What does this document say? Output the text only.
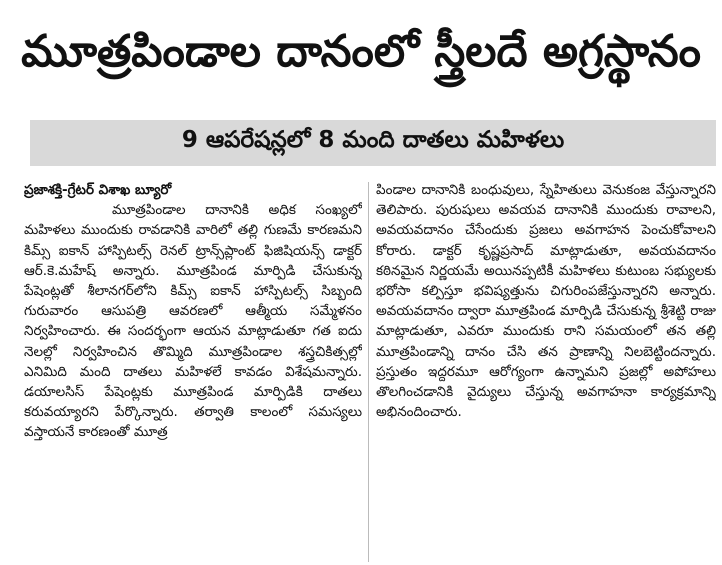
మూత్రపిండాల దానంలో స్త్రీలదే అగ్రస్థానం
9 ఆపరేషన్లలో 8 మంది దాతలు మహిళలు

ప్రజాశక్తి-గ్రేటర్ విశాఖ బ్యూరో

మూత్రపిండాల దానానికి అధిక సంఖ్యలో మహిళలు ముందుకు రావడానికి వారిలో తల్లి గుణమే కారణమని కిమ్స్ ఐకాన్ హాస్పిటల్స్ రెనల్ ట్రాన్స్‌ప్లాంట్ ఫిజిషియన్స్ డాక్టర్ ఆర్.కె.మహేష్ అన్నారు. మూత్రపిండ మార్పిడి చేసుకున్న పేషెంట్లతో శీలానగర్‌లోని కిమ్స్ ఐకాన్ హాస్పిటల్స్ సిబ్బంది గురువారం ఆసుపత్రి ఆవరణలో ఆత్మీయ సమ్మేళనం నిర్వహించారు. ఈ సందర్భంగా ఆయన మాట్లాడుతూ గత ఐదు నెలల్లో నిర్వహించిన తొమ్మిది మూత్రపిండాల శస్త్రచికిత్సల్లో ఎనిమిది మంది దాతలు మహిళలే కావడం విశేషమన్నారు. డయాలసిస్ పేషెంట్లకు మూత్రపిండ మార్పిడికి దాతలు కరువయ్యారని పేర్కొన్నారు. తర్వాతి కాలంలో సమస్యలు వస్తాయనే కారణంతో మూత్ర

పిండాల దానానికి బంధువులు, స్నేహితులు వెనుకంజ వేస్తున్నారని తెలిపారు. పురుషులు అవయవ దానానికి ముందుకు రావాలని, అవయవదానం చేసేందుకు ప్రజలు అవగాహన పెంచుకోవాలని కోరారు. డాక్టర్ కృష్ణప్రసాద్ మాట్లాడుతూ, అవయవదానం కఠినమైన నిర్ణయమే అయినప్పటికీ మహిళలు కుటుంబ సభ్యులకు భరోసా కల్పిస్తూ భవిష్యత్తును చిగురింపజేస్తున్నారని అన్నారు. అవయవదానం ద్వారా మూత్రపిండ మార్పిడి చేసుకున్న శ్రీశెట్టి రాజు మాట్లాడుతూ, ఎవరూ ముందుకు రాని సమయంలో తన తల్లి మూత్రపిండాన్ని దానం చేసి తన ప్రాణాన్ని నిలబెట్టిందన్నారు. ప్రస్తుతం ఇద్దరమూ ఆరోగ్యంగా ఉన్నామని ప్రజల్లో అపోహలు తొలగించడానికి వైద్యులు చేస్తున్న అవగాహనా కార్యక్రమాన్ని అభినందించారు.
